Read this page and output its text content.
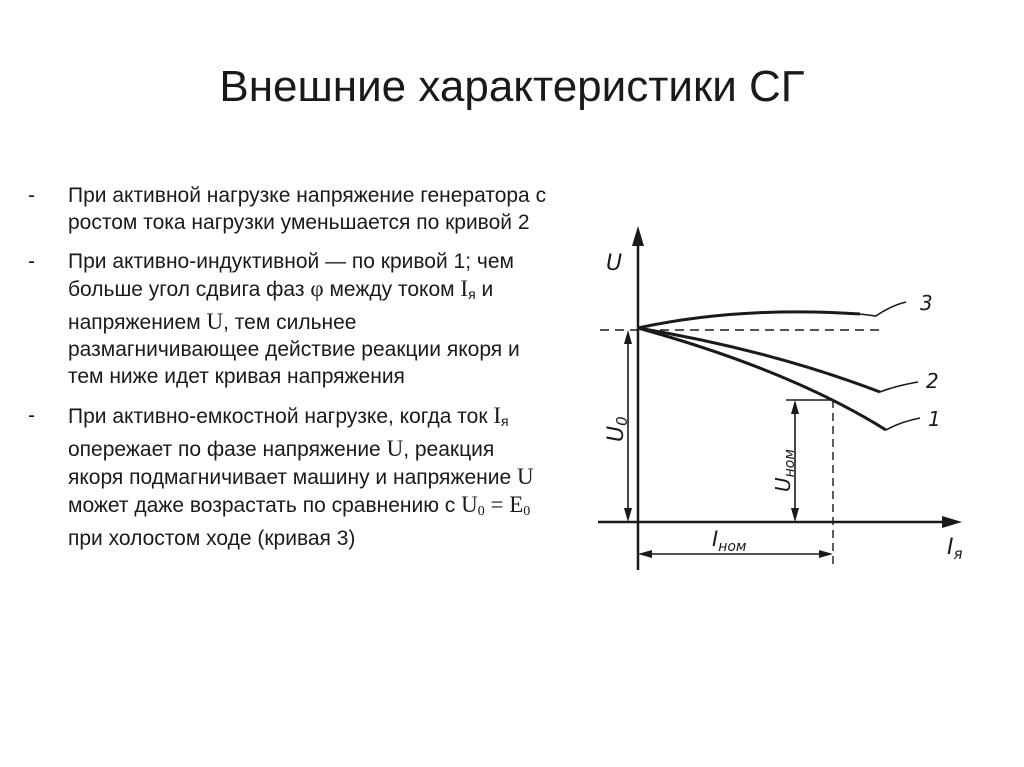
Внешние характеристики СГ
-	При активной нагрузке напряжение генератора с ростом тока нагрузки уменьшается по кривой 2
-	При активно-индуктивной — по кривой 1; чем больше угол сдвига фаз φ между током $I_я$ и напряжением U, тем сильнее размагничивающее действие реакции якоря и тем ниже идет кривая напряжения
-	При активно-емкостной нагрузке, когда ток $I_я$ опережает по фазе напряжение U, реакция якоря подмагничивает машину и напряжение U может даже возрастать по сравнению с $U_0 = E_0$ при холостом ходе (кривая 3)
U0
$U_{ном}$
$I_{ном}$
3
2
1
U
$I_я$
